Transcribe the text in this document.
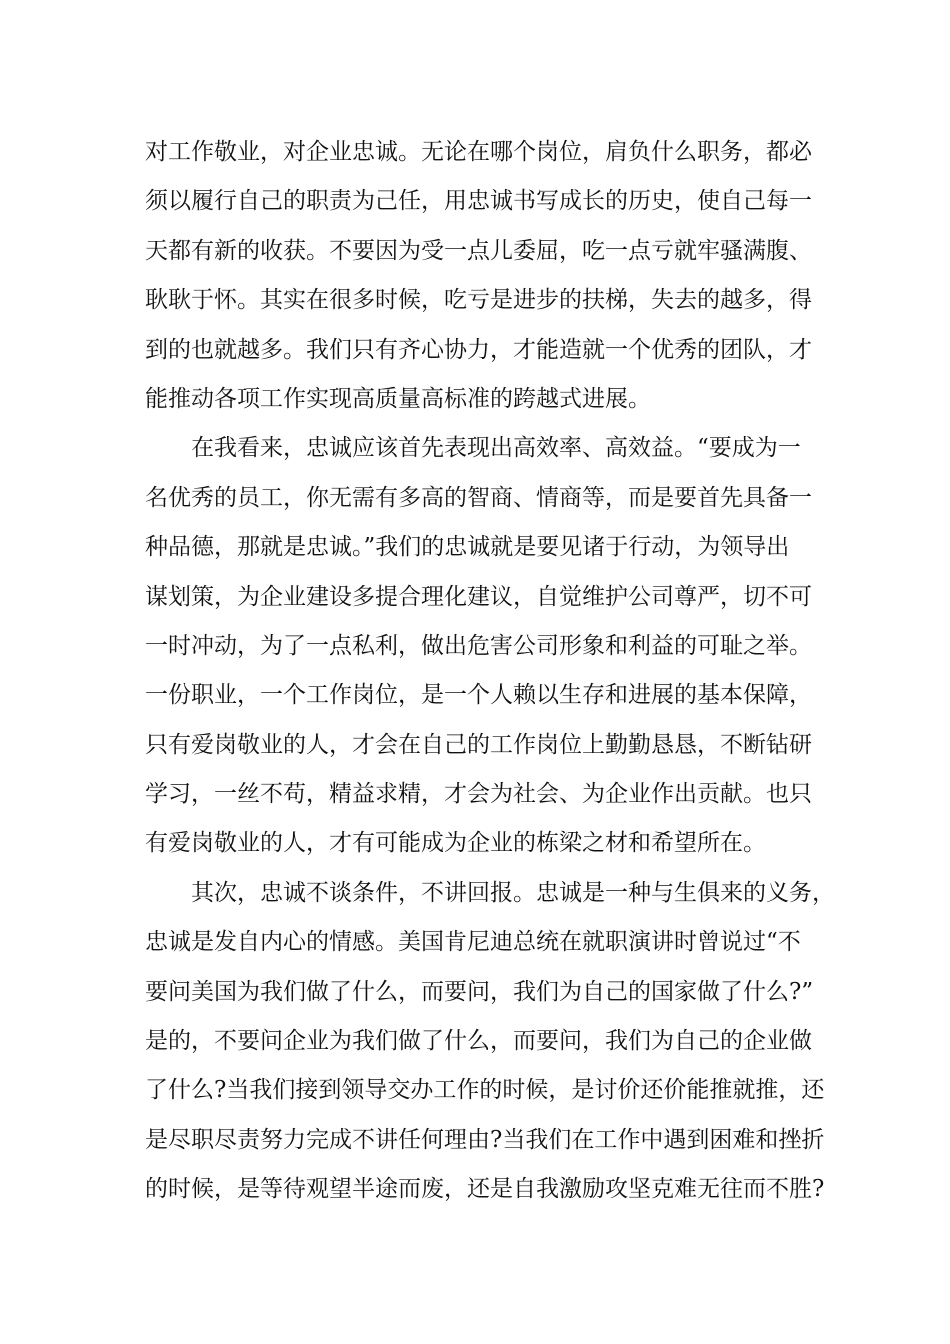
对工作敬业，对企业忠诚。无论在哪个岗位，肩负什么职务，都必
须以履行自己的职责为己任，用忠诚书写成长的历史，使自己每一
天都有新的收获。不要因为受一点儿委屈，吃一点亏就牢骚满腹、
耿耿于怀。其实在很多时候，吃亏是进步的扶梯，失去的越多，得
到的也就越多。我们只有齐心协力，才能造就一个优秀的团队，才
能推动各项工作实现高质量高标准的跨越式进展。
在我看来，忠诚应该首先表现出高效率、高效益。“要成为一
名优秀的员工，你无需有多高的智商、情商等，而是要首先具备一
种品德，那就是忠诚。”我们的忠诚就是要见诸于行动，为领导出
谋划策，为企业建设多提合理化建议，自觉维护公司尊严，切不可
一时冲动，为了一点私利，做出危害公司形象和利益的可耻之举。
一份职业，一个工作岗位，是一个人赖以生存和进展的基本保障，
只有爱岗敬业的人，才会在自己的工作岗位上勤勤恳恳，不断钻研
学习，一丝不苟，精益求精，才会为社会、为企业作出贡献。也只
有爱岗敬业的人，才有可能成为企业的栋梁之材和希望所在。
其次，忠诚不谈条件，不讲回报。忠诚是一种与生俱来的义务，
忠诚是发自内心的情感。美国肯尼迪总统在就职演讲时曾说过“不
要问美国为我们做了什么，而要问，我们为自己的国家做了什么?”
是的，不要问企业为我们做了什么，而要问，我们为自己的企业做
了什么?当我们接到领导交办工作的时候，是讨价还价能推就推，还
是尽职尽责努力完成不讲任何理由?当我们在工作中遇到困难和挫折
的时候，是等待观望半途而废，还是自我激励攻坚克难无往而不胜?
